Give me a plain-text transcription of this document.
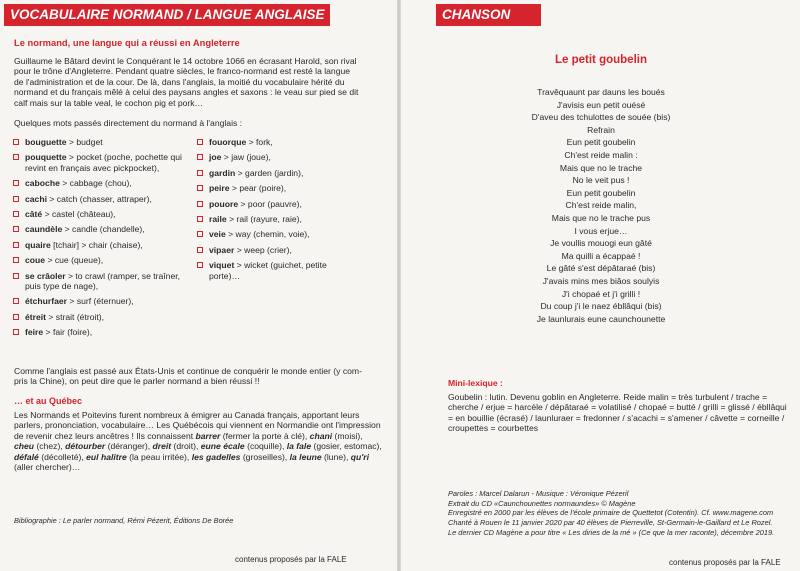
VOCABULAIRE NORMAND / LANGUE ANGLAISE
Le normand, une langue qui a réussi en Angleterre
Guillaume le Bâtard devint le Conquérant le 14 octobre 1066 en écrasant Harold, son rival
pour le trône d'Angleterre. Pendant quatre siècles, le franco-normand est resté la langue
de l'administration et de la cour. De là, dans l'anglais, la moitié du vocabulaire hérité du
normand et du français mêlé à celui des paysans angles et saxons : le veau sur pied se dit
calf mais sur la table veal, le cochon pig et pork…
Quelques mots passés directement du normand à l'anglais :
bouguette > budget
pouquette > pocket (poche, pochette qui revint en français avec pickpocket),
caboche > cabbage (chou),
cachi > catch (chasser, attraper),
câté > castel (château),
caundèle > candle (chandelle),
quaire [tchair] > chair (chaise),
coue > cue (queue),
se crâoler > to crawl (ramper, se traîner, puis type de nage),
étchurfaer > surf (éternuer),
étreit > strait (étroit),
feire > fair (foire),
fouorque > fork,
joe > jaw (joue),
gardin > garden (jardin),
peire > pear (poire),
pouore > poor (pauvre),
raile > rail (rayure, raie),
veie > way (chemin, voie),
vipaer > weep (crier),
viquet > wicket (guichet, petite porte)…
Comme l'anglais est passé aux États-Unis et continue de conquérir le monde entier (y com-
pris la Chine), on peut dire que le parler normand a bien réussi !!
… et au Québec
Les Normands et Poitevins furent nombreux à émigrer au Canada français, apportant leurs parlers, prononciation, vocabulaire… Les Québécois qui viennent en Normandie ont l'impression de revenir chez leurs ancêtres ! Ils connaissent barrer (fermer la porte à clé), chani (moisi), cheu (chez), détourber (déranger), dreit (droit), eune écale (coquille), la fale (gosier, estomac), défalé (décolleté), eul halitre (la peau irritée), les gadelles (groseilles), la leune (lune), qu'ri (aller chercher)…
Bibliographie : Le parler normand, Rémi Pézerit, Éditions De Borée
contenus proposés par la FALE
CHANSON
Le petit goubelin
Travêquaunt par dauns les boués
J'avisis eun petit ouésé
D'aveu des tchulottes de souée (bis)
Refrain
Eun petit goubelin
Ch'est reide malin :
Mais que no le trache
No le veit pus !
Eun petit goubelin
Ch'est reide malin,
Mais que no le trache pus
I vous erjue…
Je voullis mouogi eun gâté
Ma quilli a écappaé !
Le gâté s'est dépâtaraé (bis)
J'avais mins mes biâos soulyis
J'i chopaé et j'i grilli !
Du coup j'i le naez ébllâqui (bis)
Je launlurais eune caunchounette
Mini-lexique :
Goubelin : lutin. Devenu goblin en Angleterre. Reide malin = très turbulent / trache = cherche / erjue = harcèle / dépâtaraé = volatilisé / chopaé = butté / grilli = glissé / ébllâqui = en bouillie (écrasé) / launluraer = fredonner / s'acachi = s'amener / câvette = corneille / croupettes = courbettes
Paroles : Marcel Dalarun - Musique : Véronique Pézeril
Extrait du CD «Caunchounettes normaundes» © Magène
Enregistré en 2000 par les élèves de l'école primaire de Quettetot (Cotentin). Cf. www.magene.com
Chanté à Rouen le 11 janvier 2020 par 40 élèves de Pierreville, St-Germain-le-Gaillard et Le Rozel.
Le dernier CD Magène a pour titre « Les diries de la mé » (Ce que la mer raconte), décembre 2019.
contenus proposés par la FALE
